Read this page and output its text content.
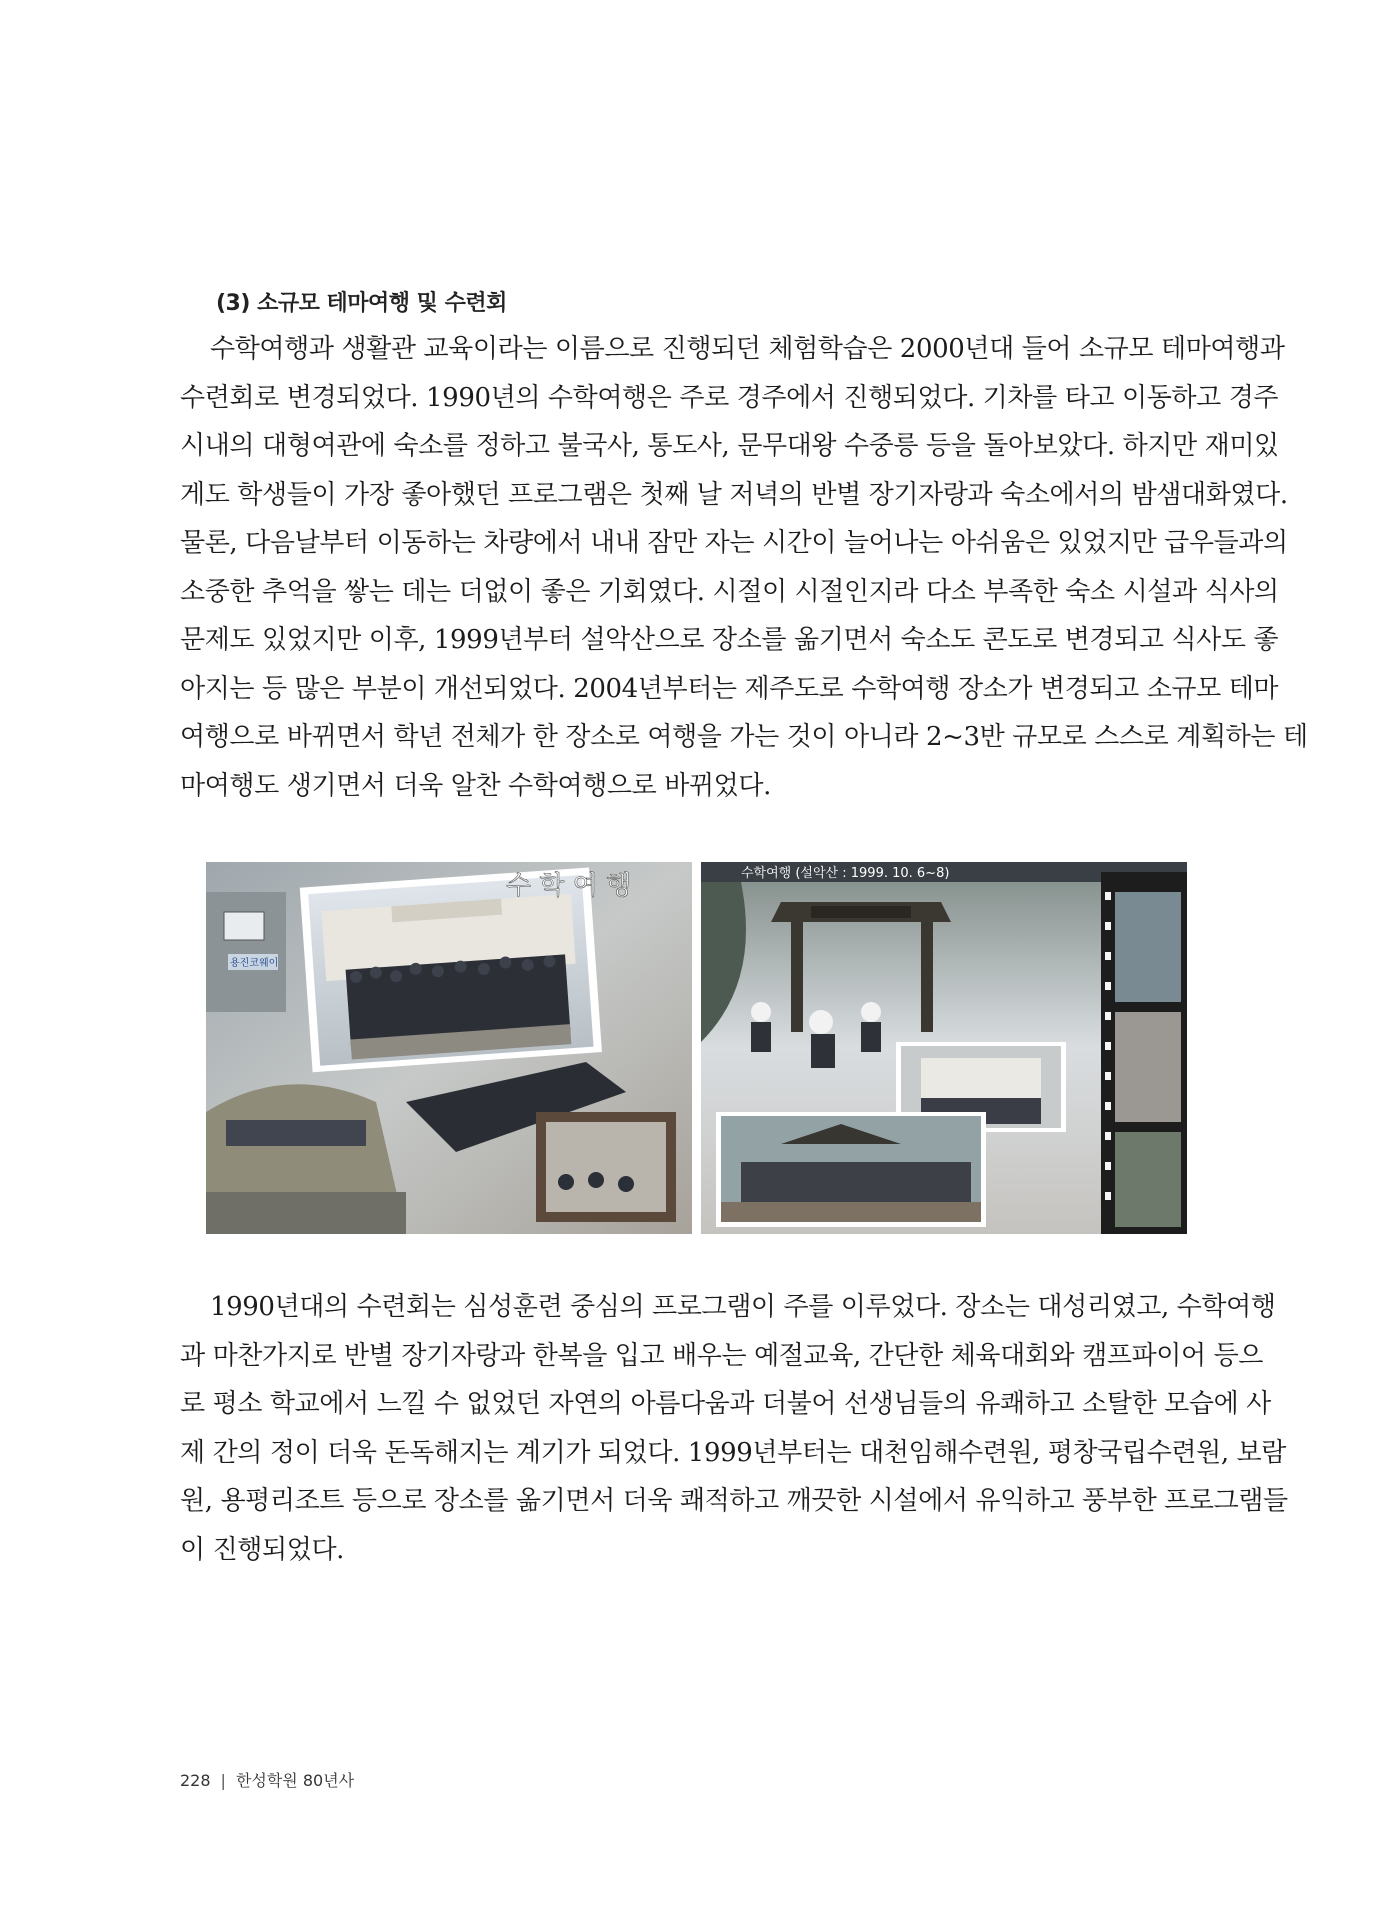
(3) 소규모 테마여행 및 수련회
수학여행과 생활관 교육이라는 이름으로 진행되던 체험학습은 2000년대 들어 소규모 테마여행과
수련회로 변경되었다. 1990년의 수학여행은 주로 경주에서 진행되었다. 기차를 타고 이동하고 경주
시내의 대형여관에 숙소를 정하고 불국사, 통도사, 문무대왕 수중릉 등을 돌아보았다. 하지만 재미있
게도 학생들이 가장 좋아했던 프로그램은 첫째 날 저녁의 반별 장기자랑과 숙소에서의 밤샘대화였다.
물론, 다음날부터 이동하는 차량에서 내내 잠만 자는 시간이 늘어나는 아쉬움은 있었지만 급우들과의
소중한 추억을 쌓는 데는 더없이 좋은 기회였다. 시절이 시절인지라 다소 부족한 숙소 시설과 식사의
문제도 있었지만 이후, 1999년부터 설악산으로 장소를 옮기면서 숙소도 콘도로 변경되고 식사도 좋
아지는 등 많은 부분이 개선되었다. 2004년부터는 제주도로 수학여행 장소가 변경되고 소규모 테마
여행으로 바뀌면서 학년 전체가 한 장소로 여행을 가는 것이 아니라 2~3반 규모로 스스로 계획하는 테
마여행도 생기면서 더욱 알찬 수학여행으로 바뀌었다.
용진코웨이
수 학 여 행	수학여행 (설악산 : 1999. 10. 6~8)
1990년대의 수련회는 심성훈련 중심의 프로그램이 주를 이루었다. 장소는 대성리였고, 수학여행
과 마찬가지로 반별 장기자랑과 한복을 입고 배우는 예절교육, 간단한 체육대회와 캠프파이어 등으
로 평소 학교에서 느낄 수 없었던 자연의 아름다움과 더불어 선생님들의 유쾌하고 소탈한 모습에 사
제 간의 정이 더욱 돈독해지는 계기가 되었다. 1999년부터는 대천임해수련원, 평창국립수련원, 보람
원, 용평리조트 등으로 장소를 옮기면서 더욱 쾌적하고 깨끗한 시설에서 유익하고 풍부한 프로그램들
이 진행되었다.
228 | 한성학원 80년사
